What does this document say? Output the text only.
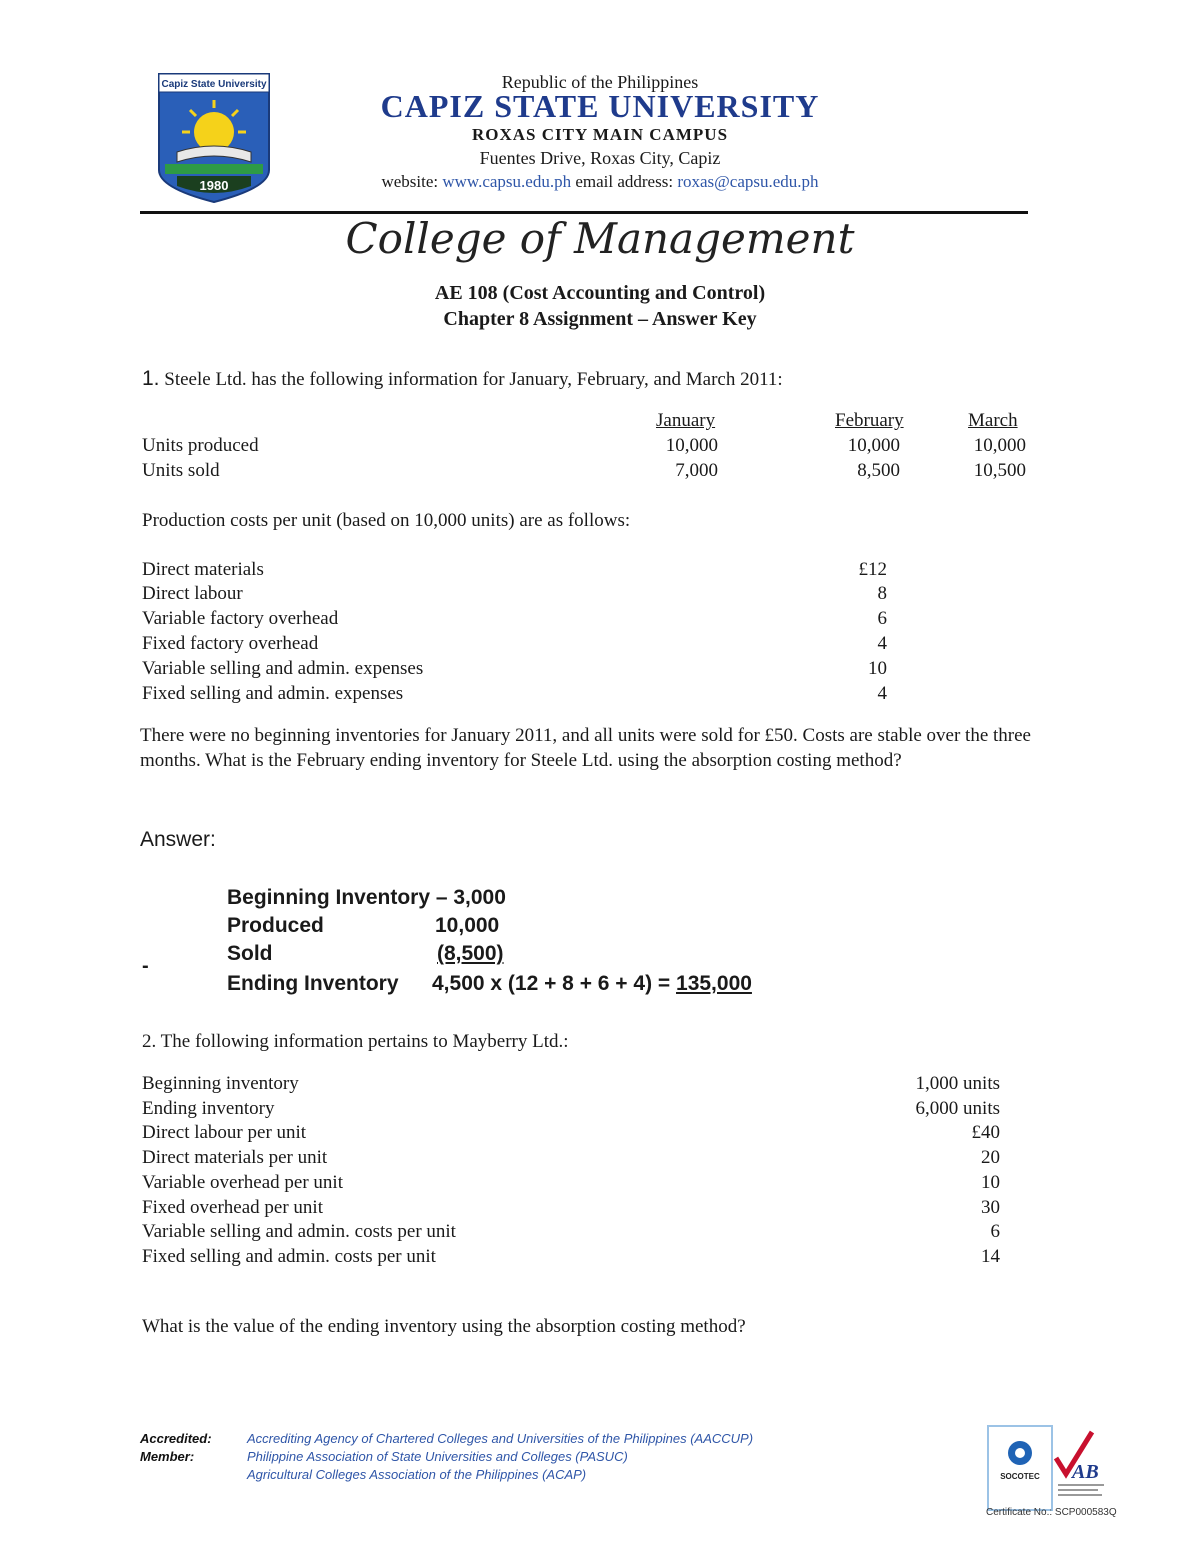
Capiz State University
1980
Republic of the Philippines
CAPIZ STATE UNIVERSITY
ROXAS CITY MAIN CAMPUS
Fuentes Drive, Roxas City, Capiz
website: www.capsu.edu.ph email address: roxas@capsu.edu.ph
College of Management
AE 108 (Cost Accounting and Control)
Chapter 8 Assignment – Answer Key
1. Steele Ltd. has the following information for January, February, and March 2011:
January	February	March
Units produced	10,000	10,000	10,000
Units sold	7,000	8,500	10,500
Production costs per unit (based on 10,000 units) are as follows:
Direct materials	£12
Direct labour	8
Variable factory overhead	6
Fixed factory overhead	4
Variable selling and admin. expenses	10
Fixed selling and admin. expenses	4
There were no beginning inventories for January 2011, and all units were sold for £50. Costs are stable over the three months. What is the February ending inventory for Steele Ltd. using the absorption costing method?
Answer:
Beginning Inventory – 3,000
Produced	10,000
Sold	(8,500)
-
Ending Inventory 4,500 x (12 + 8 + 6 + 4) = 135,000
2. The following information pertains to Mayberry Ltd.:
Beginning inventory	1,000 units
Ending inventory	6,000 units
Direct labour per unit	£40
Direct materials per unit	20
Variable overhead per unit	10
Fixed overhead per unit	30
Variable selling and admin. costs per unit	6
Fixed selling and admin. costs per unit	14
What is the value of the ending inventory using the absorption costing method?
Accredited:	Accrediting Agency of Chartered Colleges and Universities of the Philippines (AACCUP)
Member:	Philippine Association of State Universities and Colleges (PASUC)
Agricultural Colleges Association of the Philippines (ACAP)	SOCOTEC AB
Certificate No.: SCP000583Q
